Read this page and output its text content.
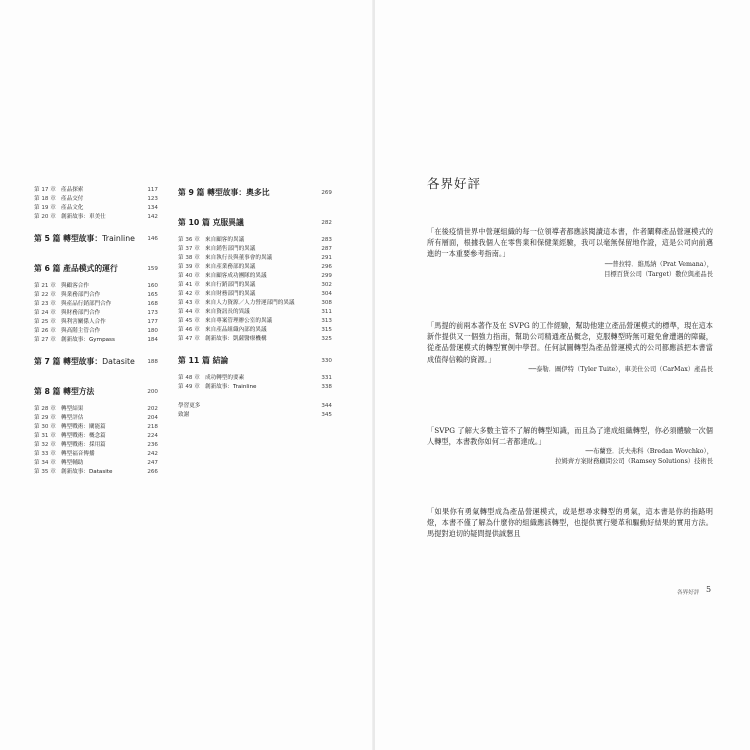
第 17 章 產品探索	117
第 18 章 產品交付	123
第 19 章 產品文化	134
第 20 章 創新故事：車美仕	142
第 5 篇 轉型故事：Trainline 146
第 6 篇 產品模式的運行	159
第 21 章 與顧客合作	160
第 22 章 與業務部門合作	165
第 23 章 與產品行銷部門合作	168
第 24 章 與財務部門合作	173
第 25 章 與利害關係人合作	177
第 26 章 與高階主管合作	180
第 27 章 創新故事：Gympass	184
第 7 篇 轉型故事：Datasite 188
第 8 篇 轉型方法	200
第 28 章 轉型結果	202
第 29 章 轉型評估	204
第 30 章 轉型戰術：闡能篇	218
第 31 章 轉型戰術：概念篇	224
第 32 章 轉型戰術：採用篇	236
第 33 章 轉型福音傳播	242
第 34 章 轉型輔助	247
第 35 章 創新故事：Datasite	266
第 9 篇 轉型故事：奧多比	269
第 10 篇 克服異議	282
第 36 章 來自顧客的異議	283
第 37 章 來自銷售部門的異議	287
第 38 章 來自執行長與董事會的異議	291
第 39 章 來自產業務部的異議	296
第 40 章 來自顧客成功團隊的異議	299
第 41 章 來自行銷部門的異議	302
第 42 章 來自財務部門的異議	304
第 43 章 來自人力資源／人力營運部門的異議	308
第 44 章 來自資訊長的異議	311
第 45 章 來自專案管理辦公室的異議	313
第 46 章 來自產品組織內部的異議	315
第 47 章 創新故事：凱薩醫療機構	325
第 11 篇 結論	330
第 48 章 成功轉型的要素	331
第 49 章 創新故事：Trainline	338
學習更多	344
致謝	345
各界好評
「在後疫情世界中營運組織的每一位領導者都應該閱讀這本書，作者闡釋產品營運模式的所有層面，根據我個人在零售業和保健業經驗，我可以毫無保留地作證，這是公司向前邁進的一本重要參考指南。」
──普拉特．維馬納（Prat Vemana），
目標百貨公司（Target）數位與產品長
「馬提的前兩本著作及在 SVPG 的工作經驗，幫助他建立產品營運模式的標準，現在這本新作提供又一個強力指南，幫助公司精通產品概念，克服轉型時無可避免會遭遇的障礙，從產品營運模式的轉型實例中學習。任何試圖轉型為產品營運模式的公司都應該把本書當成值得信賴的資源。」
──泰勒．圖伊特（Tyler Tuite），車美仕公司（CarMax）產品長
「SVPG 了解大多數主管不了解的轉型知識，而且為了達成組織轉型，你必須體驗一次個人轉型，本書教你如何二者都達成。」
──布蘭登．沃夫弗科（Bredan Wovchko），
拉姆齊方案財務顧問公司（Ramsey Solutions）技術長
「如果你有勇氣轉型成為產品營運模式，或是想尋求轉型的勇氣，這本書是你的指路明燈，本書不僅了解為什麼你的組織應該轉型，也提供實行變革和驅動好結果的實用方法。馬提對迫切的疑問提供誠懇且
各界好評 5
